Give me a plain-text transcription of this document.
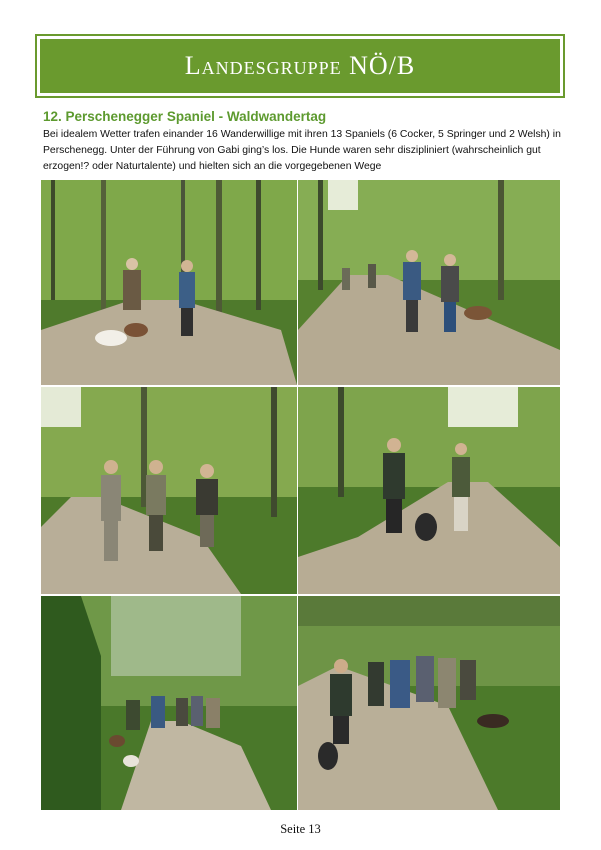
Landesgruppe NÖ/B
12. Perschenegger Spaniel - Waldwandertag
Bei idealem Wetter trafen einander 16 Wanderwillige mit ihren 13 Spaniels (6 Cocker, 5 Springer und 2 Welsh) in Perschenegg. Unter der Führung von Gabi ging’s los. Die Hunde waren sehr diszipliniert (wahrscheinlich gut erzogen!? oder Naturtalente) und hielten sich an die vorgegebenen Wege
Seite 13
